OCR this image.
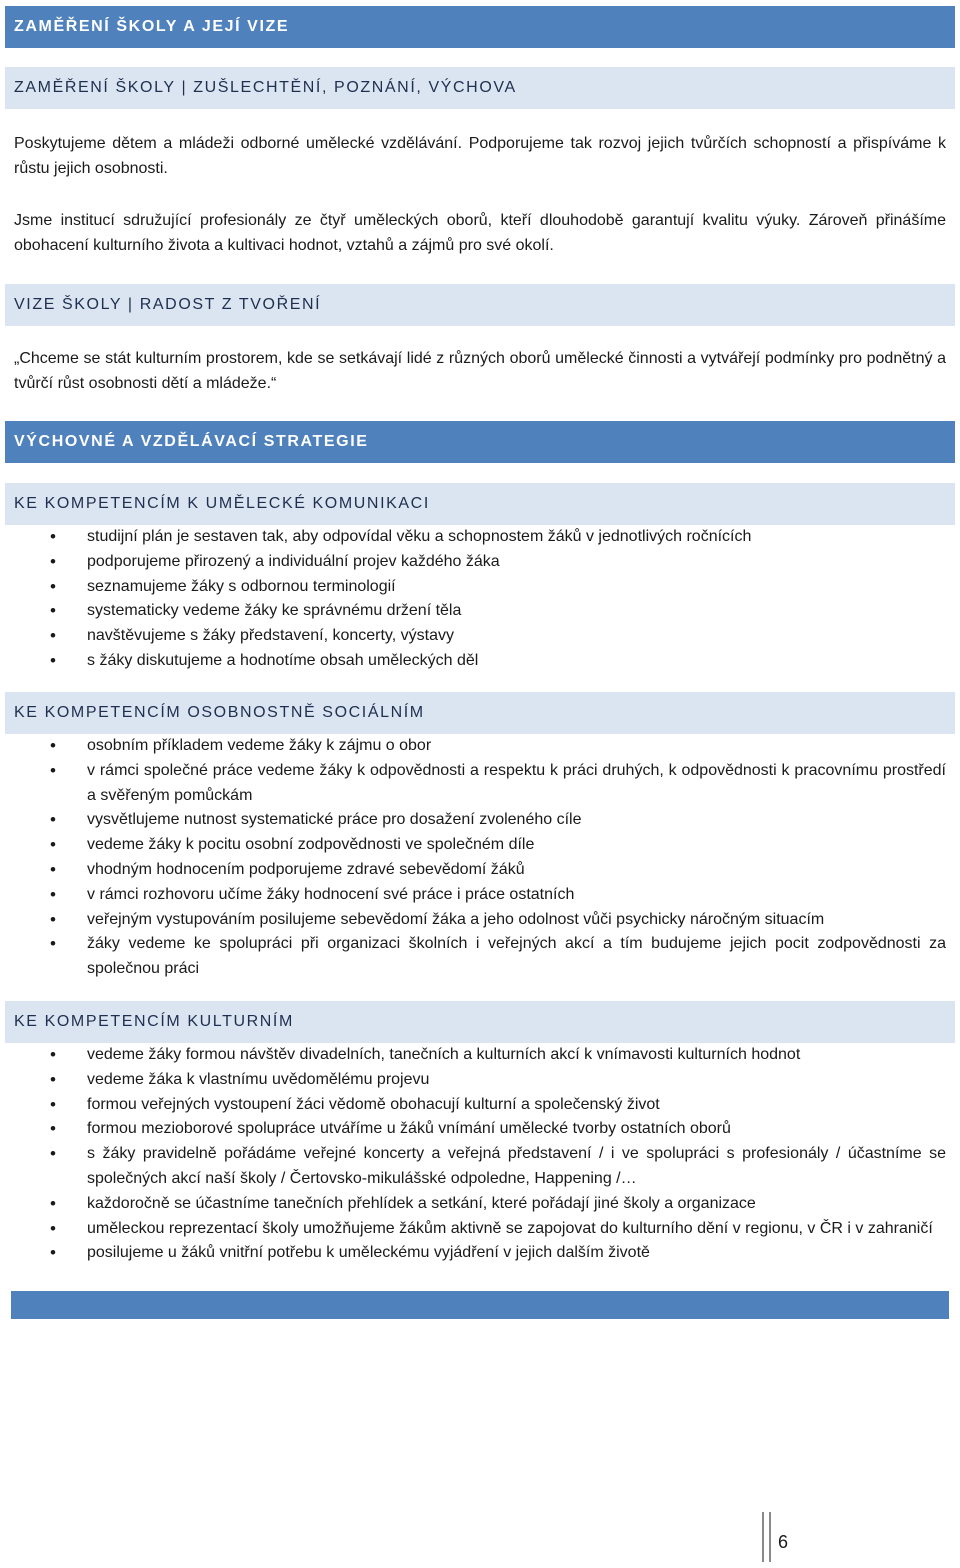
ZAMĚŘENÍ ŠKOLY A JEJÍ VIZE
ZAMĚŘENÍ ŠKOLY | ZUŠLECHTĚNÍ, POZNÁNÍ, VÝCHOVA

Poskytujeme dětem a mládeži odborné umělecké vzdělávání. Podporujeme tak rozvoj jejich tvůrčích schopností a přispíváme k růstu jejich osobnosti.

Jsme institucí sdružující profesionály ze čtyř uměleckých oborů, kteří dlouhodobě garantují kvalitu výuky. Zároveň přinášíme obohacení kulturního života a kultivaci hodnot, vztahů a zájmů pro své okolí.

VIZE ŠKOLY | RADOST Z TVOŘENÍ

„Chceme se stát kulturním prostorem, kde se setkávají lidé z různých oborů umělecké činnosti a vytvářejí podmínky pro podnětný a tvůrčí růst osobnosti dětí a mládeže.“

VÝCHOVNÉ A VZDĚLÁVACÍ STRATEGIE
KE KOMPETENCÍM K UMĚLECKÉ KOMUNIKACI
• studijní plán je sestaven tak, aby odpovídal věku a schopnostem žáků v jednotlivých ročnících
• podporujeme přirozený a individuální projev každého žáka
• seznamujeme žáky s odbornou terminologií
• systematicky vedeme žáky ke správnému držení těla
• navštěvujeme s žáky představení, koncerty, výstavy
• s žáky diskutujeme a hodnotíme obsah uměleckých děl
KE KOMPETENCÍM OSOBNOSTNĚ SOCIÁLNÍM
• osobním příkladem vedeme žáky k zájmu o obor
• v rámci společné práce vedeme žáky k odpovědnosti a respektu k práci druhých, k odpovědnosti k pracovnímu prostředí a svěřeným pomůckám
• vysvětlujeme nutnost systematické práce pro dosažení zvoleného cíle
• vedeme žáky k pocitu osobní zodpovědnosti ve společném díle
• vhodným hodnocením podporujeme zdravé sebevědomí žáků
• v rámci rozhovoru učíme žáky hodnocení své práce i práce ostatních
• veřejným vystupováním posilujeme sebevědomí žáka a jeho odolnost vůči psychicky náročným situacím
• žáky vedeme ke spolupráci při organizaci školních i veřejných akcí a tím budujeme jejich pocit zodpovědnosti za společnou práci
KE KOMPETENCÍM KULTURNÍM
• vedeme žáky formou návštěv divadelních, tanečních a kulturních akcí k vnímavosti kulturních hodnot
• vedeme žáka k vlastnímu uvědomělému projevu
• formou veřejných vystoupení žáci vědomě obohacují kulturní a společenský život
• formou mezioborové spolupráce utváříme u žáků vnímání umělecké tvorby ostatních oborů
• s žáky pravidelně pořádáme veřejné koncerty a veřejná představení / i ve spolupráci s profesionály / účastníme se společných akcí naší školy / Čertovsko-mikulášské odpoledne, Happening /…
• každoročně se účastníme tanečních přehlídek a setkání, které pořádají jiné školy a organizace
• uměleckou reprezentací školy umožňujeme žákům aktivně se zapojovat do kulturního dění v regionu, v ČR i v zahraničí
• posilujeme u žáků vnitřní potřebu k uměleckému vyjádření v jejich dalším životě
6
